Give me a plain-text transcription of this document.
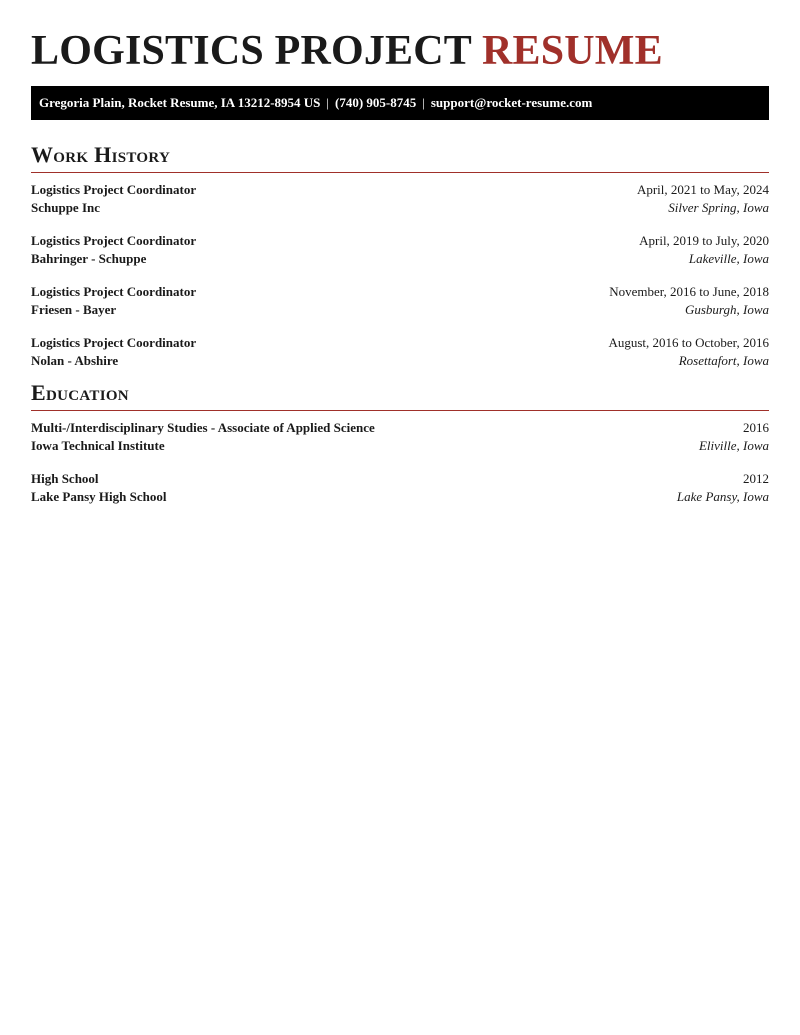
LOGISTICS PROJECT RESUME
Gregoria Plain, Rocket Resume, IA 13212-8954 US | (740) 905-8745 | support@rocket-resume.com
Work History
Logistics Project Coordinator	April, 2021 to May, 2024
Schuppe Inc	Silver Spring, Iowa
Logistics Project Coordinator	April, 2019 to July, 2020
Bahringer - Schuppe	Lakeville, Iowa
Logistics Project Coordinator	November, 2016 to June, 2018
Friesen - Bayer	Gusburgh, Iowa
Logistics Project Coordinator	August, 2016 to October, 2016
Nolan - Abshire	Rosettafort, Iowa
Education
Multi-/Interdisciplinary Studies - Associate of Applied Science	2016
Iowa Technical Institute	Eliville, Iowa
High School	2012
Lake Pansy High School	Lake Pansy, Iowa
